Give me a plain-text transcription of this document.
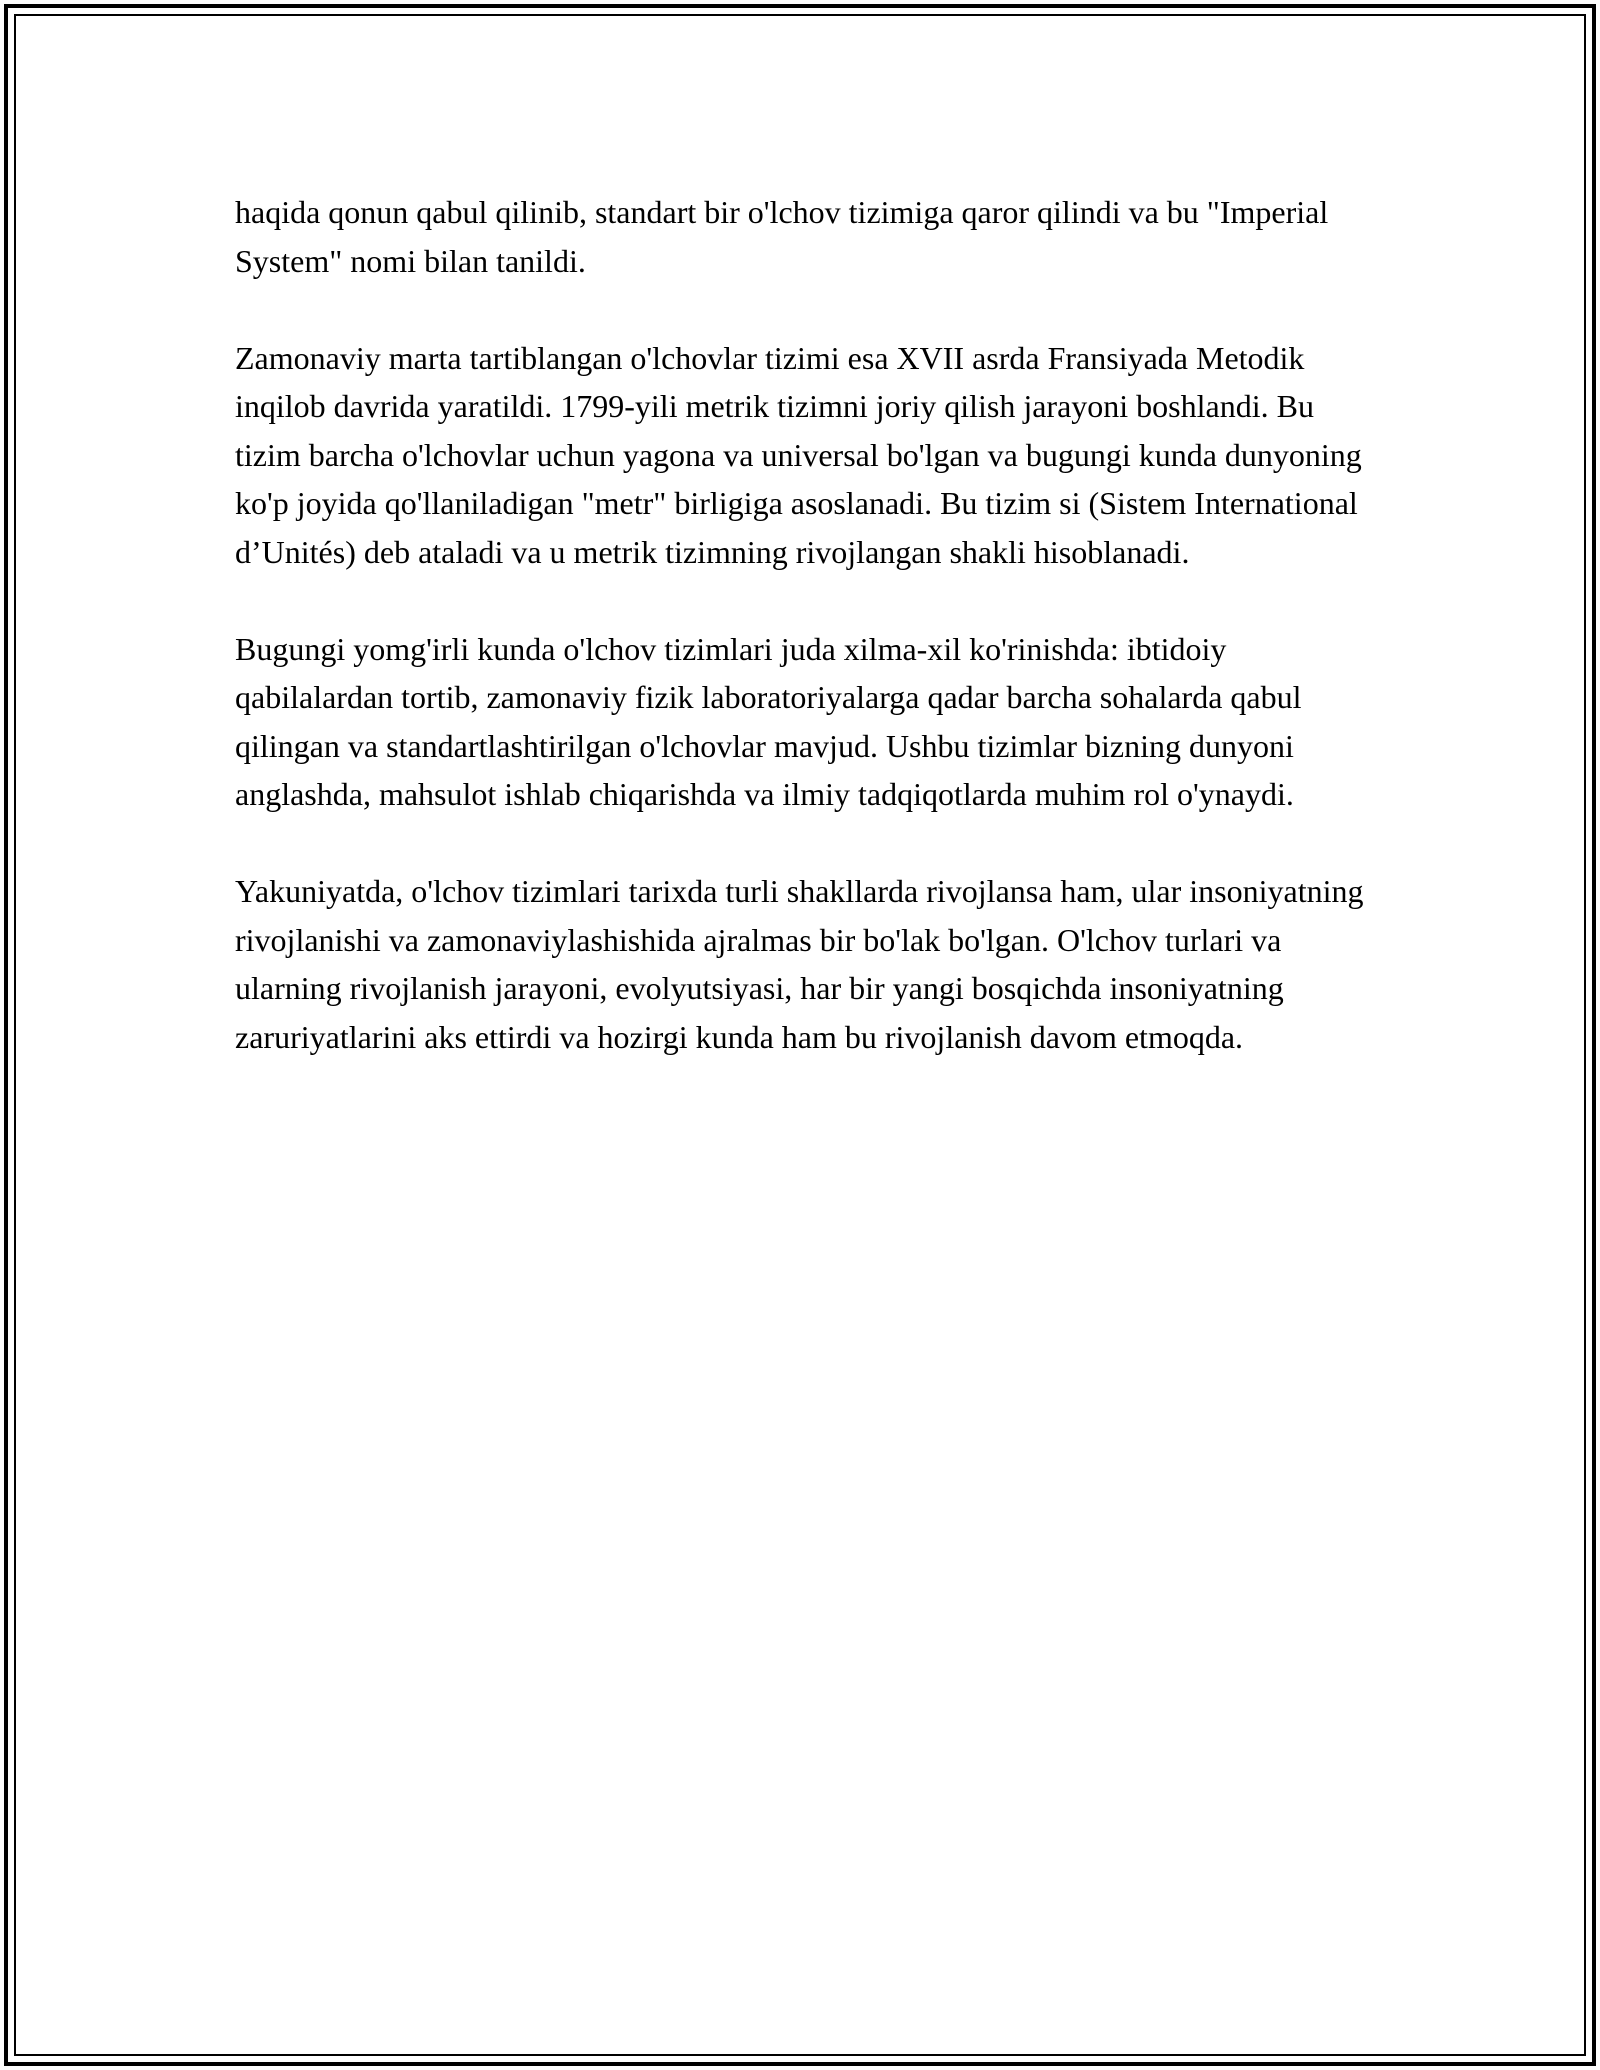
haqida qonun qabul qilinib, standart bir o'lchov tizimiga qaror qilindi va bu "Imperial System" nomi bilan tanildi.

Zamonaviy marta tartiblangan o'lchovlar tizimi esa XVII asrda Fransiyada Metodik inqilob davrida yaratildi. 1799-yili metrik tizimni joriy qilish jarayoni boshlandi. Bu tizim barcha o'lchovlar uchun yagona va universal bo'lgan va bugungi kunda dunyoning ko'p joyida qo'llaniladigan "metr" birligiga asoslanadi. Bu tizim si (Sistem International d’Unités) deb ataladi va u metrik tizimning rivojlangan shakli hisoblanadi.

Bugungi yomg'irli kunda o'lchov tizimlari juda xilma-xil ko'rinishda: ibtidoiy qabilalardan tortib, zamonaviy fizik laboratoriyalarga qadar barcha sohalarda qabul qilingan va standartlashtirilgan o'lchovlar mavjud. Ushbu tizimlar bizning dunyoni anglashda, mahsulot ishlab chiqarishda va ilmiy tadqiqotlarda muhim rol o'ynaydi.

Yakuniyatda, o'lchov tizimlari tarixda turli shakllarda rivojlansa ham, ular insoniyatning rivojlanishi va zamonaviylashishida ajralmas bir bo'lak bo'lgan. O'lchov turlari va ularning rivojlanish jarayoni, evolyutsiyasi, har bir yangi bosqichda insoniyatning zaruriyatlarini aks ettirdi va hozirgi kunda ham bu rivojlanish davom etmoqda.
